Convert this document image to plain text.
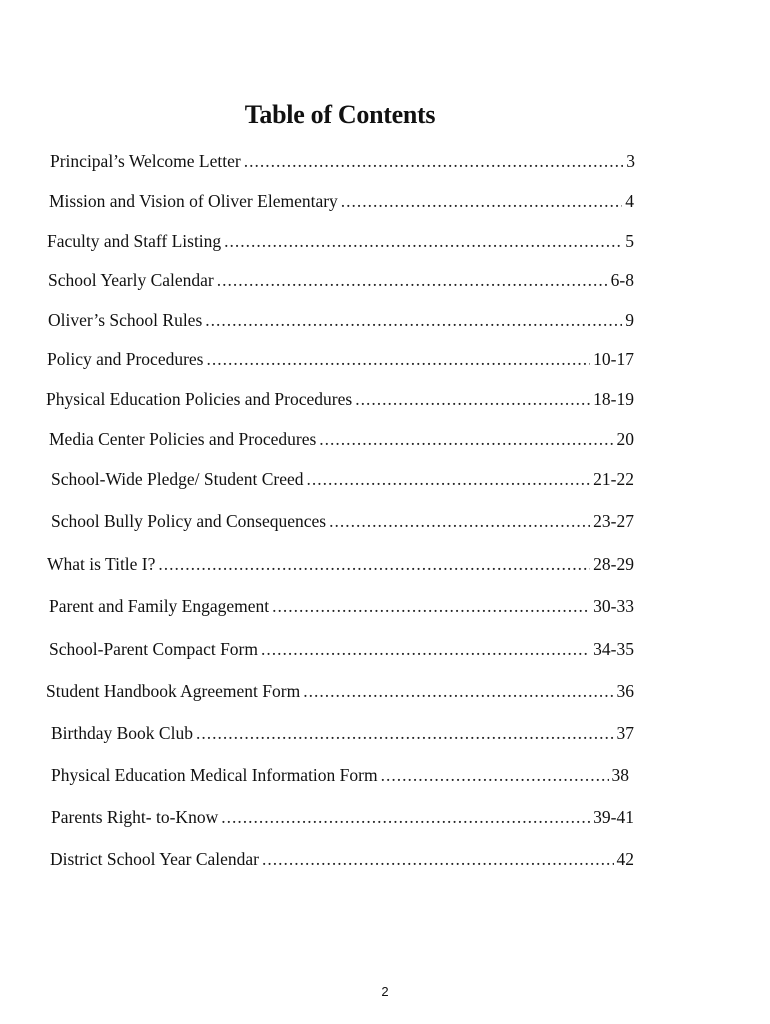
Table of Contents
Principal’s Welcome Letter .....	3
Mission and Vision of Oliver Elementary .....	4
Faculty and Staff Listing .....	5
School Yearly Calendar .....	6-8
Oliver’s School Rules .....	9
Policy and Procedures .....	10-17
Physical Education Policies and Procedures .....	18-19
Media Center Policies and Procedures .....	20
School-Wide Pledge/ Student Creed .....	21-22
School Bully Policy and Consequences .....	23-27
What is Title I? .....	28-29
Parent and Family Engagement .....	30-33
School-Parent Compact Form .....	34-35
Student Handbook Agreement Form .....	36
Birthday Book Club .....	37
Physical Education Medical Information Form .....	38
Parents Right- to-Know .....	39-41
District School Year Calendar .....	42
2
